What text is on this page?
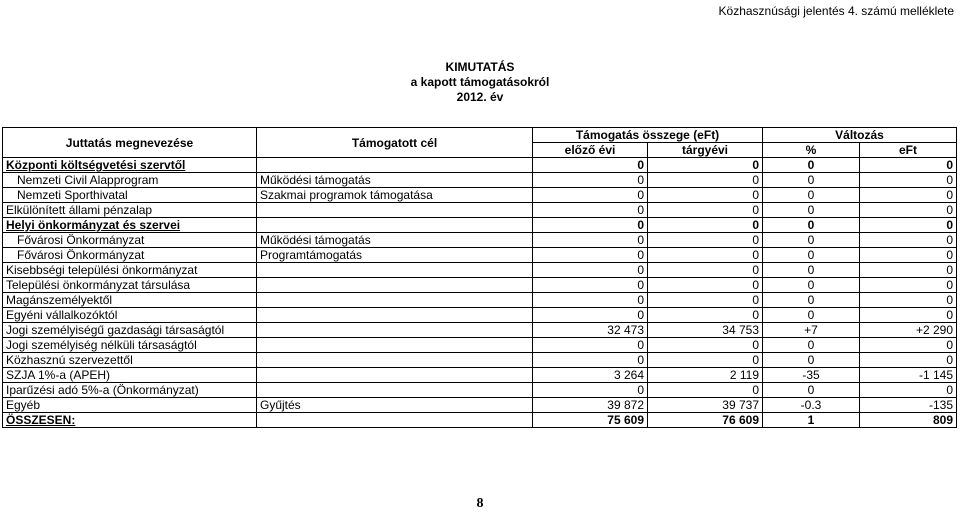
Közhasznúsági jelentés 4. számú melléklete
KIMUTATÁS
a kapott támogatásokról
2012. év
Juttatás megnevezése	Támogatott cél	Támogatás összege (eFt)		Változás	
		előző évi	tárgyévi	%	eFt
Központi költségvetési szervtől		0	0	0	0
Nemzeti Civil Alapprogram	Működési támogatás	0	0	0	0
Nemzeti Sporthivatal	Szakmai programok támogatása	0	0	0	0
Elkülönített állami pénzalap		0	0	0	0
Helyi önkormányzat és szervei		0	0	0	0
Fővárosi Önkormányzat	Működési támogatás	0	0	0	0
Fővárosi Önkormányzat	Programtámogatás	0	0	0	0
Kisebbségi települési önkormányzat		0	0	0	0
Települési önkormányzat társulása		0	0	0	0
Magánszemélyektől		0	0	0	0
Egyéni vállalkozóktól		0	0	0	0
Jogi személyiségű gazdasági társaságtól		32 473	34 753	+7	+2 290
Jogi személyiség nélküli társaságtól		0	0	0	0
Közhasznú szervezettől		0	0	0	0
SZJA 1%-a (APEH)		3 264	2 119	-35	-1 145
Iparűzési adó 5%-a (Önkormányzat)		0	0	0	0
Egyéb	Gyűjtés	39 872	39 737	-0.3	-135
ÖSSZESEN:		75 609	76 609	1	809
8
